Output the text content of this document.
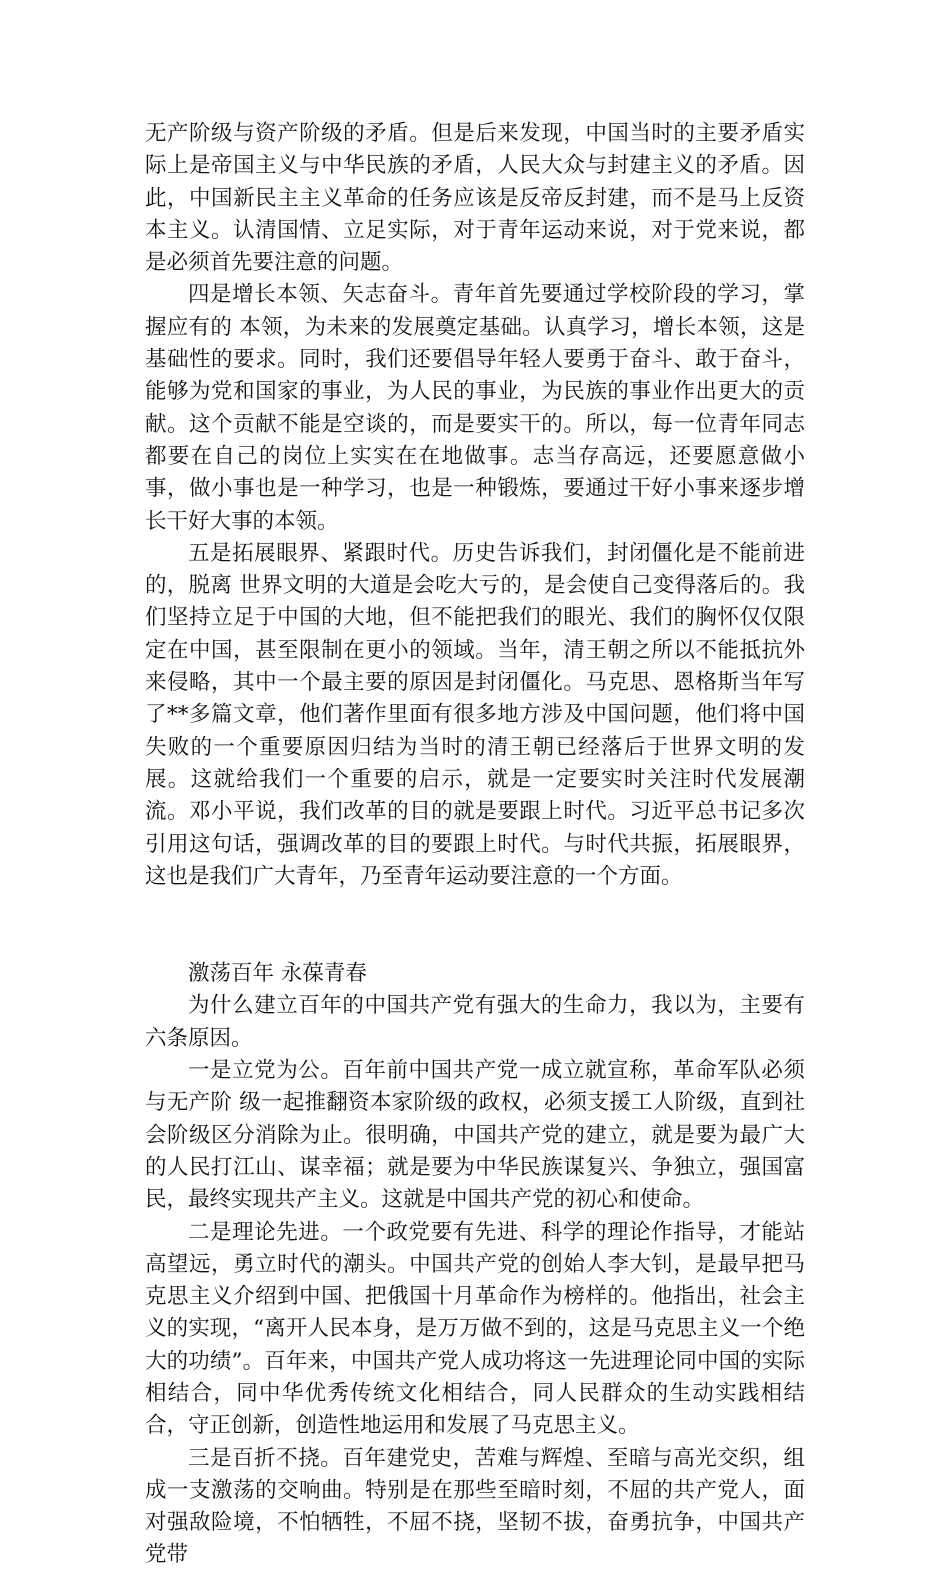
无产阶级与资产阶级的矛盾。但是后来发现，中国当时的主要矛盾实际上是帝国主义与中华民族的矛盾，人民大众与封建主义的矛盾。因此，中国新民主主义革命的任务应该是反帝反封建，而不是马上反资本主义。认清国情、立足实际，对于青年运动来说，对于党来说，都是必须首先要注意的问题。

四是增长本领、矢志奋斗。青年首先要通过学校阶段的学习，掌握应有的 本领，为未来的发展奠定基础。认真学习，增长本领，这是基础性的要求。同时，我们还要倡导年轻人要勇于奋斗、敢于奋斗，能够为党和国家的事业，为人民的事业，为民族的事业作出更大的贡献。这个贡献不能是空谈的，而是要实干的。所以，每一位青年同志都要在自己的岗位上实实在在地做事。志当存高远，还要愿意做小事，做小事也是一种学习，也是一种锻炼，要通过干好小事来逐步增长干好大事的本领。

五是拓展眼界、紧跟时代。历史告诉我们，封闭僵化是不能前进的，脱离 世界文明的大道是会吃大亏的，是会使自己变得落后的。我们坚持立足于中国的大地，但不能把我们的眼光、我们的胸怀仅仅限定在中国，甚至限制在更小的领域。当年，清王朝之所以不能抵抗外来侵略，其中一个最主要的原因是封闭僵化。马克思、恩格斯当年写了**多篇文章，他们著作里面有很多地方涉及中国问题，他们将中国失败的一个重要原因归结为当时的清王朝已经落后于世界文明的发展。这就给我们一个重要的启示，就是一定要实时关注时代发展潮流。邓小平说，我们改革的目的就是要跟上时代。习近平总书记多次引用这句话，强调改革的目的要跟上时代。与时代共振，拓展眼界，这也是我们广大青年，乃至青年运动要注意的一个方面。

激荡百年 永葆青春

为什么建立百年的中国共产党有强大的生命力，我以为，主要有六条原因。

一是立党为公。百年前中国共产党一成立就宣称，革命军队必须与无产阶 级一起推翻资本家阶级的政权，必须支援工人阶级，直到社会阶级区分消除为止。很明确，中国共产党的建立，就是要为最广大的人民打江山、谋幸福；就是要为中华民族谋复兴、争独立，强国富民，最终实现共产主义。这就是中国共产党的初心和使命。

二是理论先进。一个政党要有先进、科学的理论作指导，才能站高望远，勇立时代的潮头。中国共产党的创始人李大钊，是最早把马克思主义介绍到中国、把俄国十月革命作为榜样的。他指出，社会主义的实现，“离开人民本身，是万万做不到的，这是马克思主义一个绝大的功绩”。百年来，中国共产党人成功将这一先进理论同中国的实际相结合，同中华优秀传统文化相结合，同人民群众的生动实践相结合，守正创新，创造性地运用和发展了马克思主义。

三是百折不挠。百年建党史，苦难与辉煌、至暗与高光交织，组成一支激荡的交响曲。特别是在那些至暗时刻，不屈的共产党人，面对强敌险境，不怕牺牲，不屈不挠，坚韧不拔，奋勇抗争，中国共产党带
